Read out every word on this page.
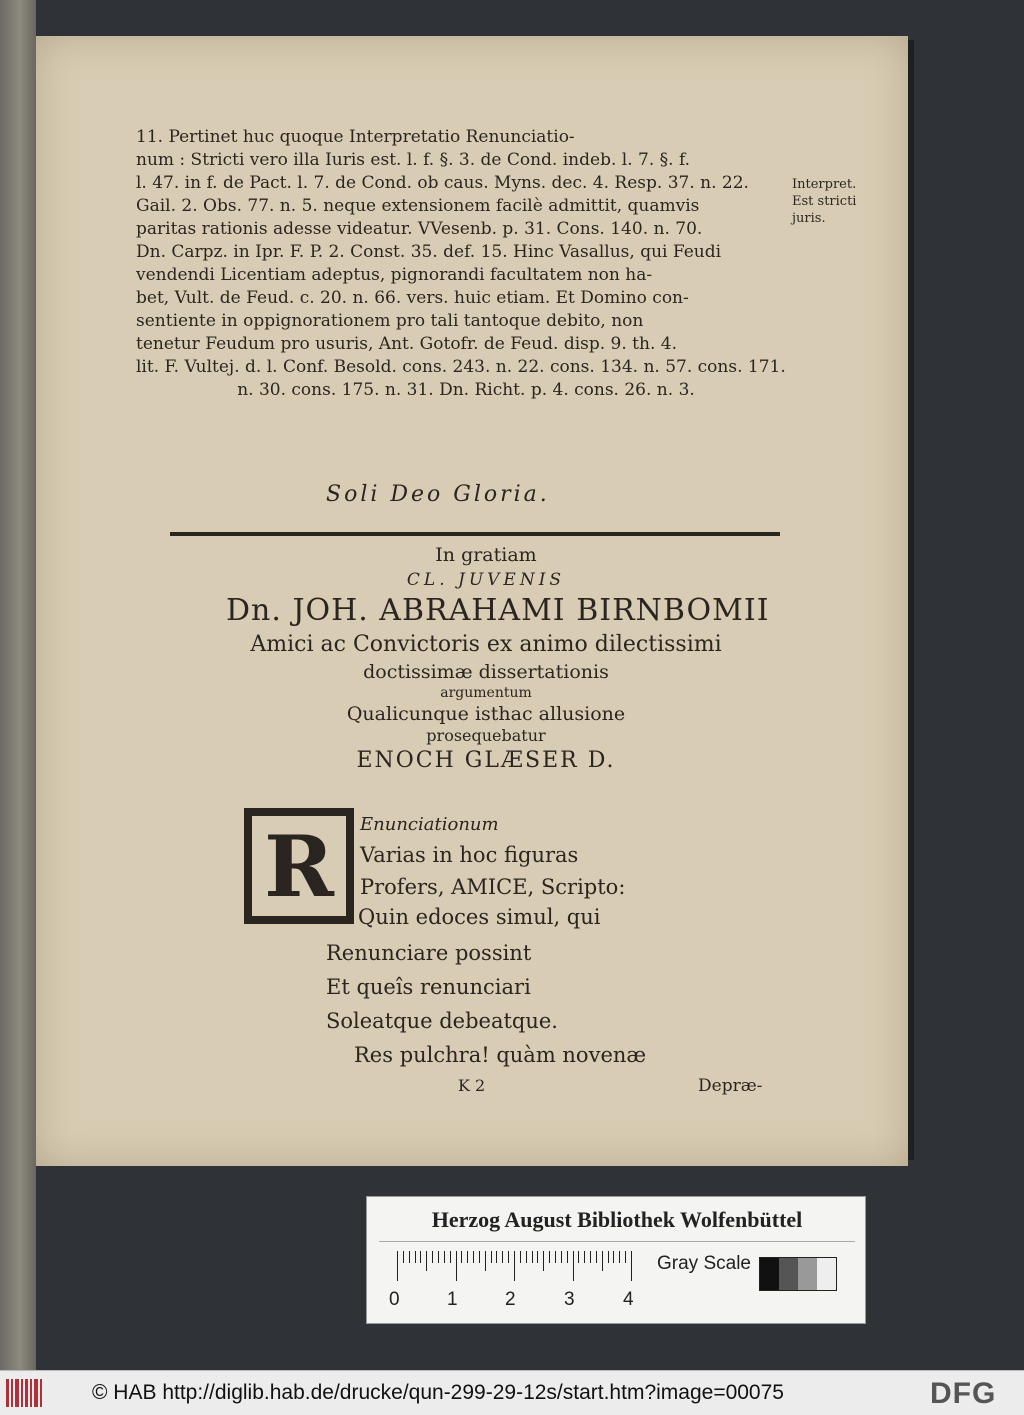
11. Pertinet huc quoque Interpretatio Renunciatio-

num : Stricti vero illa Iuris est. l. f. §. 3. de Cond. indeb. l. 7. §. f.

l. 47. in f. de Pact. l. 7. de Cond. ob caus. Myns. dec. 4. Resp. 37. n. 22.

Gail. 2. Obs. 77. n. 5. neque extensionem facilè admittit, quamvis

paritas rationis adesse videatur. VVesenb. p. 31. Cons. 140. n. 70.

Dn. Carpz. in Ipr. F. P. 2. Const. 35. def. 15. Hinc Vasallus, qui Feudi

vendendi Licentiam adeptus, pignorandi facultatem non ha-

bet, Vult. de Feud. c. 20. n. 66. vers. huic etiam. Et Domino con-

sentiente in oppignorationem pro tali tantoque debito, non

tenetur Feudum pro usuris, Ant. Gotofr. de Feud. disp. 9. th. 4.

lit. F. Vultej. d. l. Conf. Besold. cons. 243. n. 22. cons. 134. n. 57. cons. 171.

n. 30. cons. 175. n. 31. Dn. Richt. p. 4. cons. 26. n. 3.

Interpret.
Est stricti
juris.
Soli Deo Gloria.
In gratiam
CL. JUVENIS
Dn. JOH. ABRAHAMI BIRNBOMII
Amici ac Convictoris ex animo dilectissimi
doctissimæ dissertationis
argumentum
Qualicunque isthac allusione
prosequebatur
ENOCH GLÆSER D.
R	Enunciationum
Varias in hoc figuras
Profers, AMICE, Scripto:
Quin edoces simul, qui
Renunciare possint
Et queîs renunciari
Soleatque debeatque.
Res pulchra! quàm novenæ
K 2	Depræ-
Herzog August Bibliothek Wolfenbüttel
0 1 2	3	4
Gray Scale
© HAB http://diglib.hab.de/drucke/qun-299-29-12s/start.htm?image=00075	DFG
